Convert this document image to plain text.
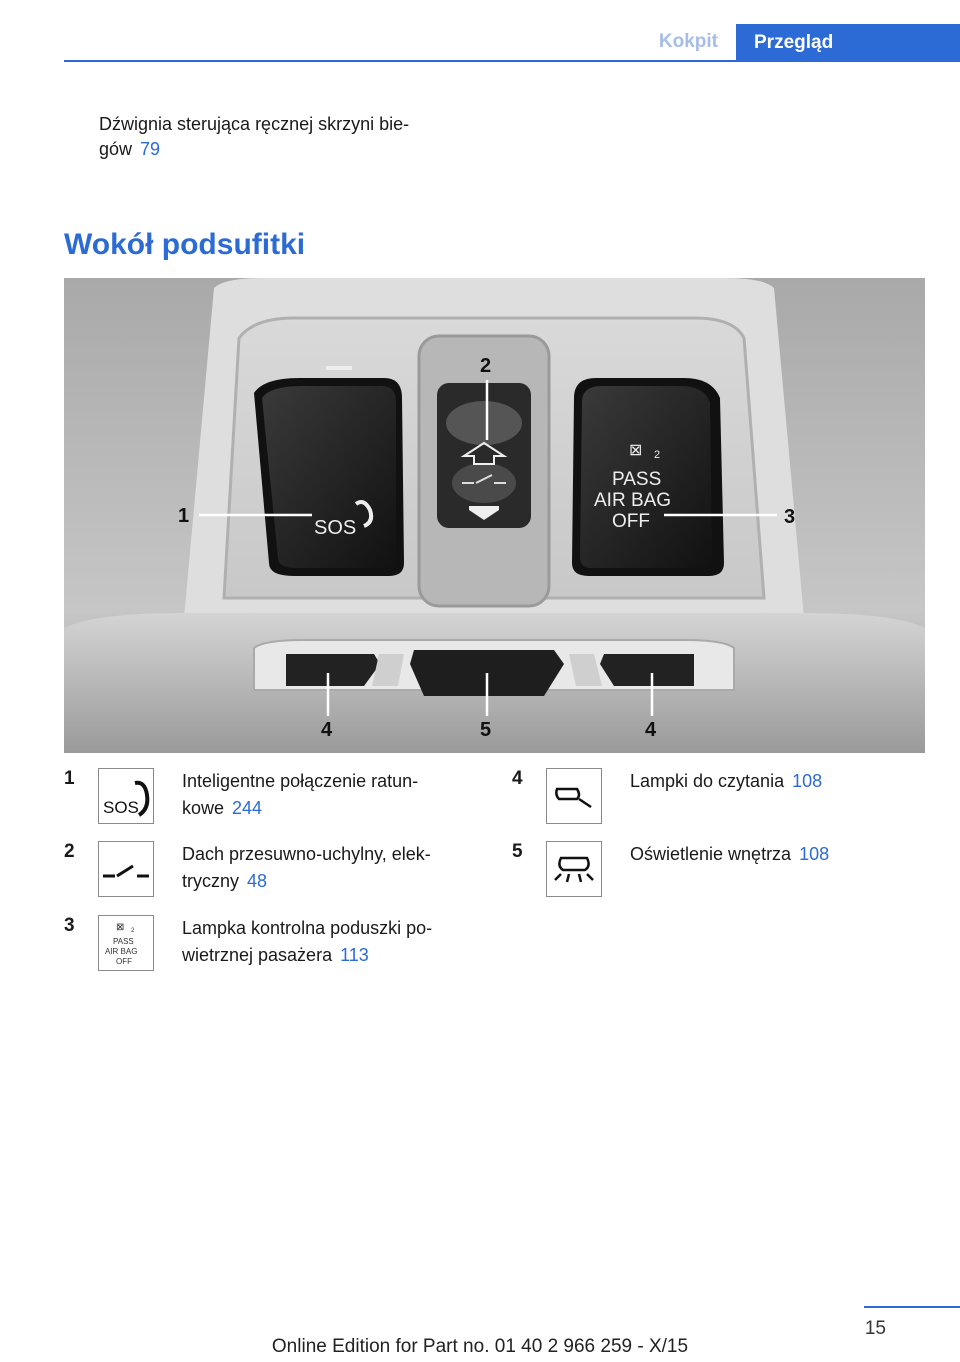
Kokpit	Przegląd
Dźwignia sterująca ręcznej skrzyni bie-gów 79
Wokół podsufitki
SOS
⊠ 2
PASS
AIR BAG
OFF
1
2
3
4	5	4
1
SOS
Inteligentne połączenie ratun-kowe 244
2	Dach przesuwno-uchylny, elek-tryczny 48
3	⊠ 2
PASS
AIR BAG
OFF
Lampka kontrolna poduszki po-wietrznej pasażera 113
4	Lampki do czytania 108
5	Oświetlenie wnętrza 108
15
Online Edition for Part no. 01 40 2 966 259 - X/15
